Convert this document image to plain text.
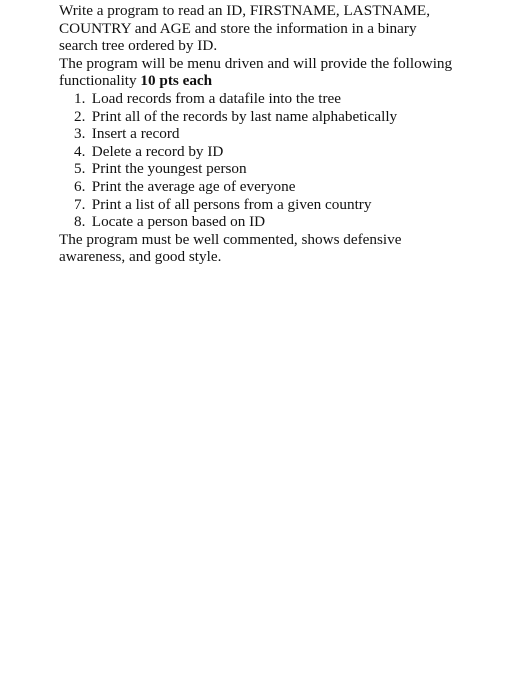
Write a program to read an ID, FIRSTNAME, LASTNAME,
COUNTRY and AGE and store the information in a binary
search tree ordered by ID.

The program will be menu driven and will provide the following
functionality 10 pts each

1. Load records from a datafile into the tree
2. Print all of the records by last name alphabetically
3. Insert a record
4. Delete a record by ID
5. Print the youngest person
6. Print the average age of everyone
7. Print a list of all persons from a given country
8. Locate a person based on ID

The program must be well commented, shows defensive
awareness, and good style.
